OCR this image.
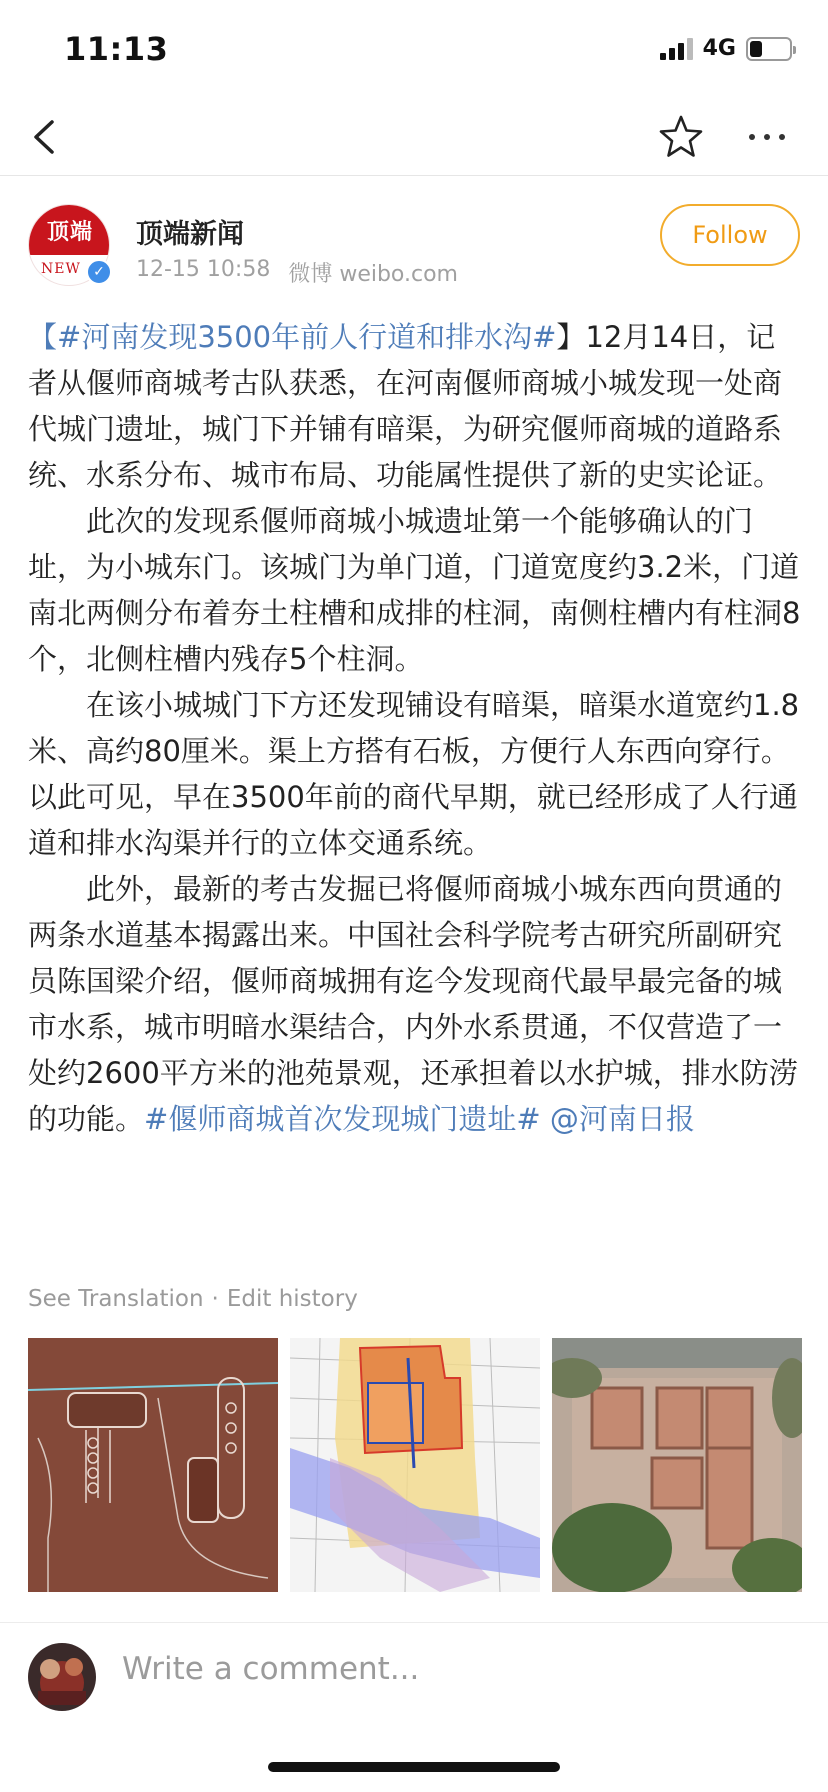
11:13	4G
顶端
NEW ✓
顶端新闻
12-15 10:58 微博 weibo.com
Follow

【#河南发现3500年前人行道和排水沟#】12月14日，记者从偃师商城考古队获悉，在河南偃师商城小城发现一处商代城门遗址，城门下并铺有暗渠，为研究偃师商城的道路系统、水系分布、城市布局、功能属性提供了新的史实论证。

此次的发现系偃师商城小城遗址第一个能够确认的门址，为小城东门。该城门为单门道，门道宽度约3.2米，门道南北两侧分布着夯土柱槽和成排的柱洞，南侧柱槽内有柱洞8个，北侧柱槽内残存5个柱洞。

在该小城城门下方还发现铺设有暗渠，暗渠水道宽约1.8米、高约80厘米。渠上方搭有石板，方便行人东西向穿行。以此可见，早在3500年前的商代早期，就已经形成了人行通道和排水沟渠并行的立体交通系统。

此外，最新的考古发掘已将偃师商城小城东西向贯通的两条水道基本揭露出来。中国社会科学院考古研究所副研究员陈国梁介绍，偃师商城拥有迄今发现商代最早最完备的城市水系，城市明暗水渠结合，内外水系贯通，不仅营造了一处约2600平方米的池苑景观，还承担着以水护城，排水防涝的功能。#偃师商城首次发现城门遗址# @河南日报

See Translation · Edit history
Write a comment...
